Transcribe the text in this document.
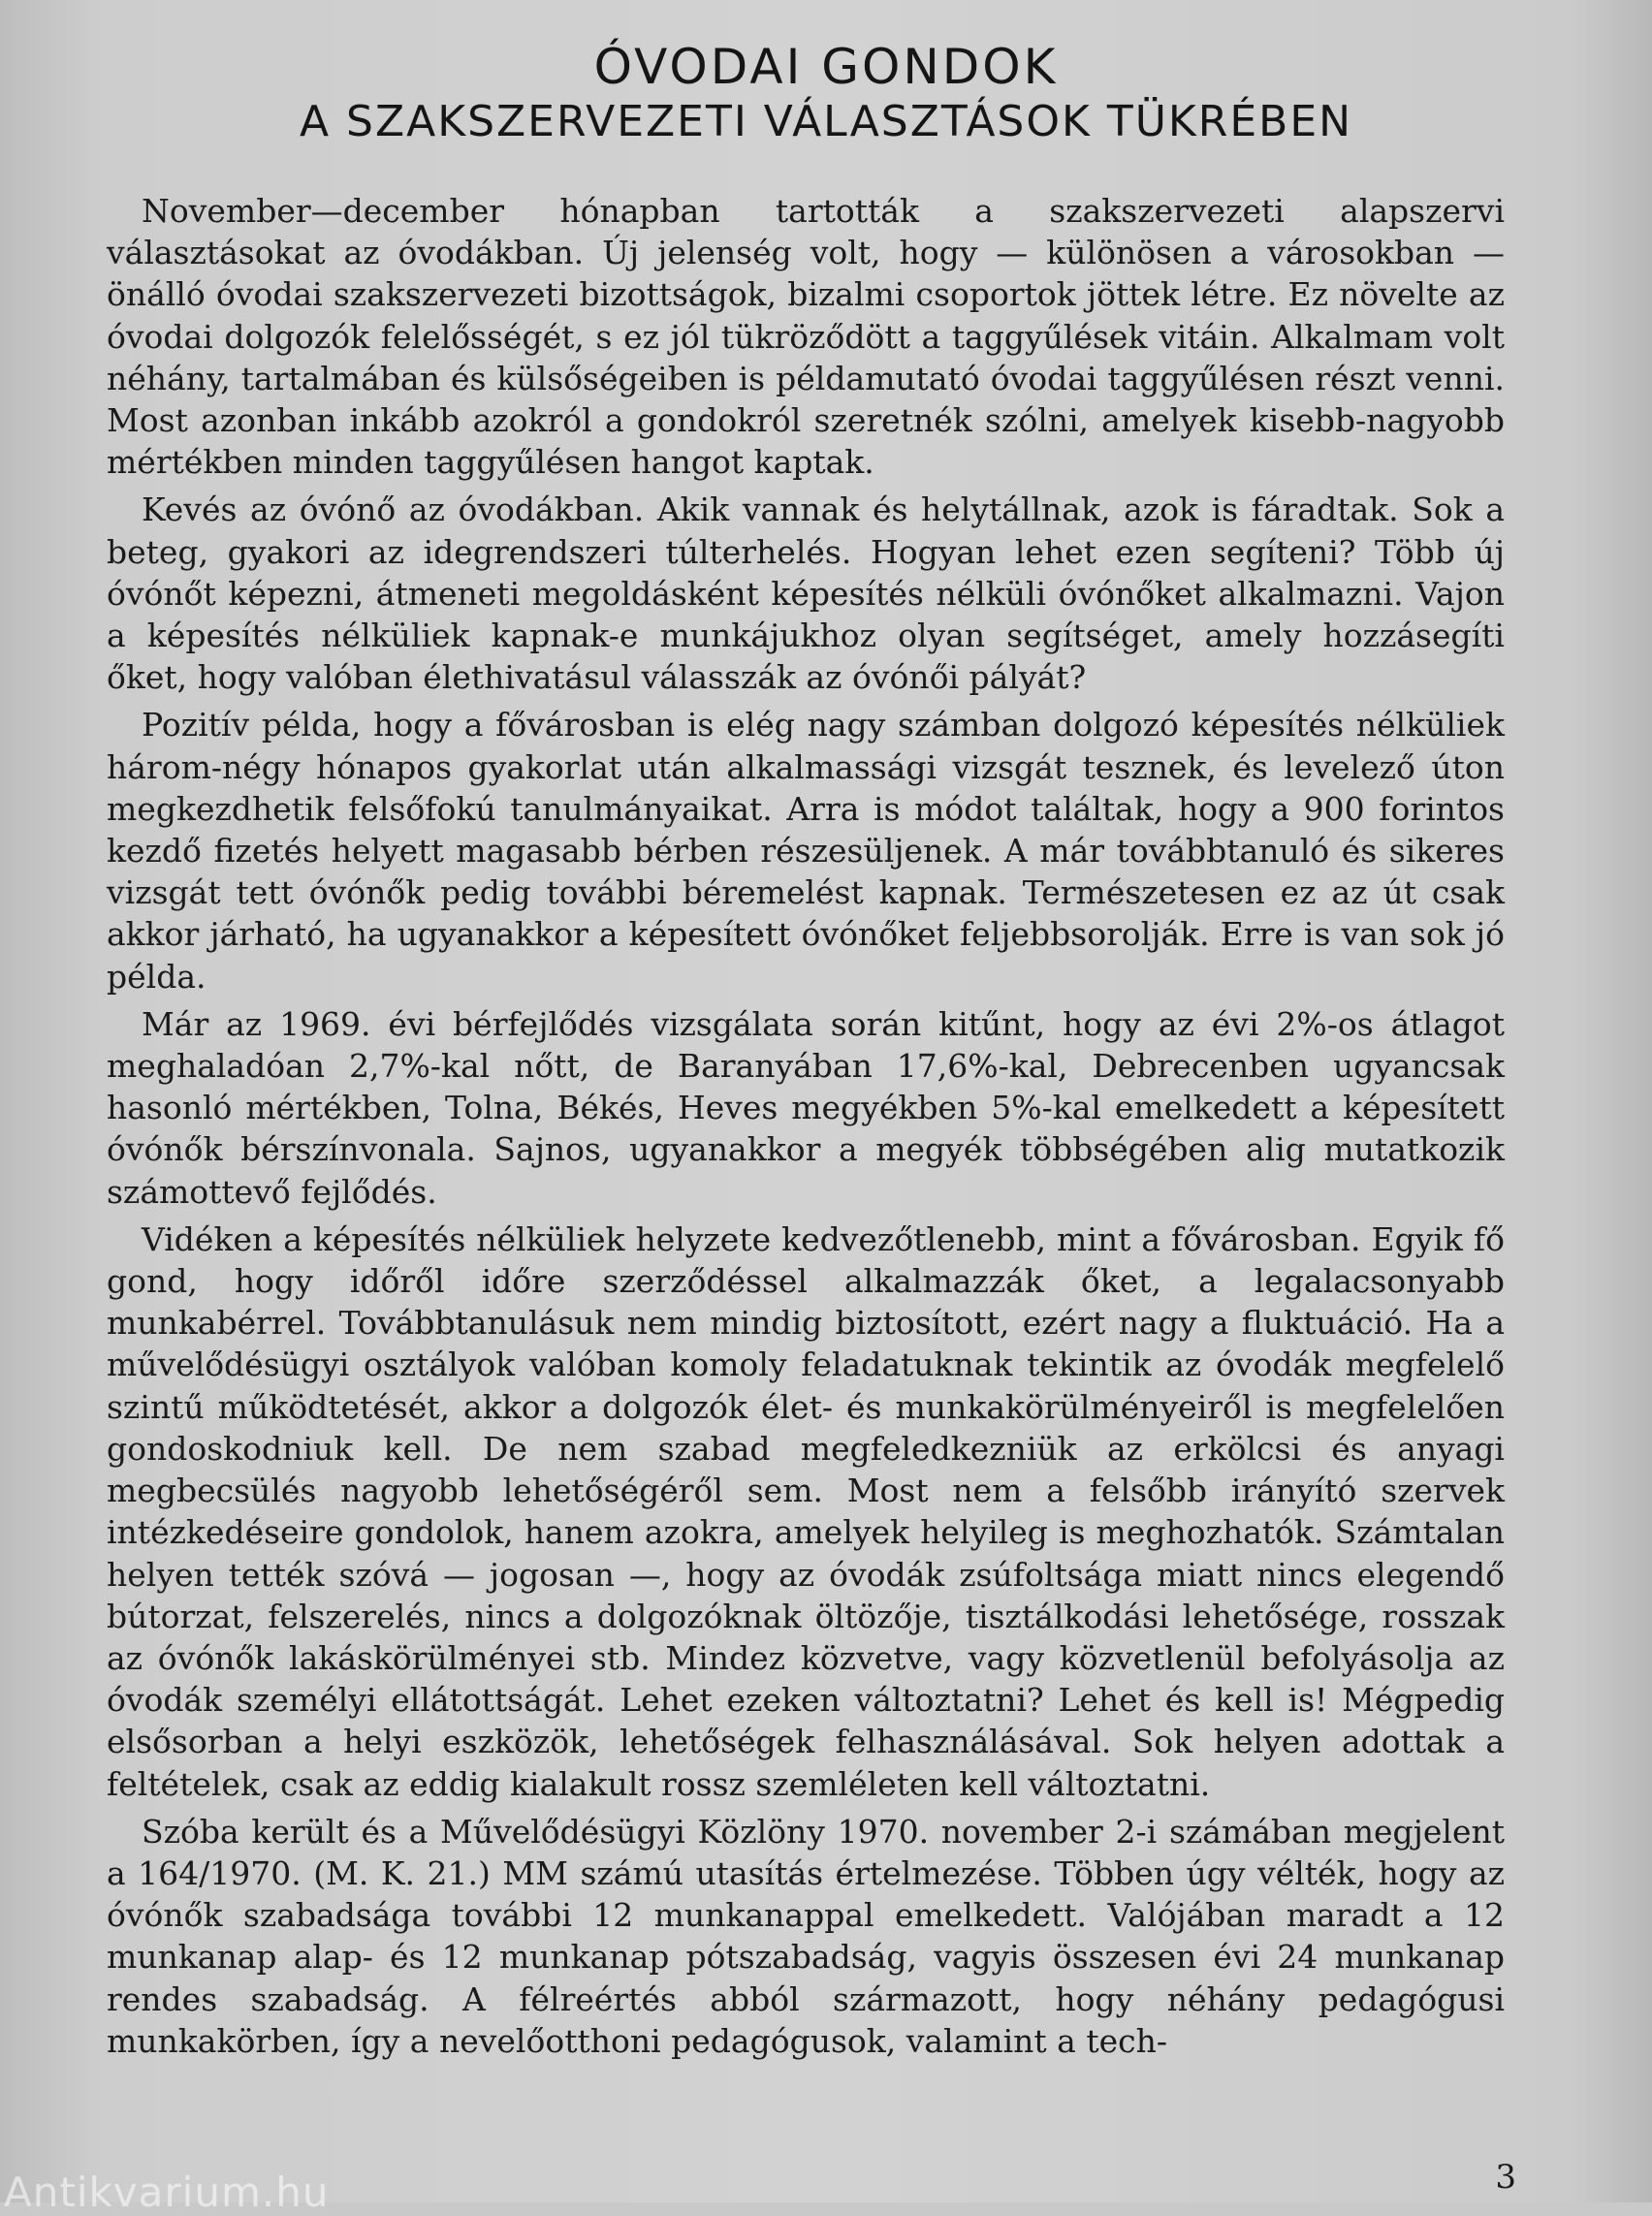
ÓVODAI GONDOK
A SZAKSZERVEZETI VÁLASZTÁSOK TÜKRÉBEN

November—december hónapban tartották a szakszervezeti alapszervi választásokat az óvodákban. Új jelenség volt, hogy — különösen a városokban — önálló óvodai szakszervezeti bizottságok, bizalmi csoportok jöttek létre. Ez növelte az óvodai dolgozók felelősségét, s ez jól tükröződött a taggyűlések vitáin. Alkalmam volt néhány, tartalmában és külsőségeiben is példamutató óvodai taggyűlésen részt venni. Most azonban inkább azokról a gondokról szeretnék szólni, amelyek kisebb-nagyobb mértékben minden taggyűlésen hangot kaptak.

Kevés az óvónő az óvodákban. Akik vannak és helytállnak, azok is fáradtak. Sok a beteg, gyakori az idegrendszeri túlterhelés. Hogyan lehet ezen segíteni? Több új óvónőt képezni, átmeneti megoldásként képesítés nélküli óvónőket alkalmazni. Vajon a képesítés nélküliek kapnak-e munkájukhoz olyan segítséget, amely hozzásegíti őket, hogy valóban élethivatásul válasszák az óvónői pályát?

Pozitív példa, hogy a fővárosban is elég nagy számban dolgozó képesítés nélküliek három-négy hónapos gyakorlat után alkalmassági vizsgát tesznek, és levelező úton megkezdhetik felsőfokú tanulmányaikat. Arra is módot találtak, hogy a 900 forintos kezdő fizetés helyett magasabb bérben részesüljenek. A már továbbtanuló és sikeres vizsgát tett óvónők pedig további béremelést kapnak. Természetesen ez az út csak akkor járható, ha ugyanakkor a képesített óvónőket feljebbsorolják. Erre is van sok jó példa.

Már az 1969. évi bérfejlődés vizsgálata során kitűnt, hogy az évi 2%-os átlagot meghaladóan 2,7%-kal nőtt, de Baranyában 17,6%-kal, Debrecenben ugyancsak hasonló mértékben, Tolna, Békés, Heves megyékben 5%-kal emelkedett a képesített óvónők bérszínvonala. Sajnos, ugyanakkor a megyék többségében alig mutatkozik számottevő fejlődés.

Vidéken a képesítés nélküliek helyzete kedvezőtlenebb, mint a fővárosban. Egyik fő gond, hogy időről időre szerződéssel alkalmazzák őket, a legalacsonyabb munkabérrel. Továbbtanulásuk nem mindig biztosított, ezért nagy a fluktuáció. Ha a művelődésügyi osztályok valóban komoly feladatuknak tekintik az óvodák megfelelő szintű működtetését, akkor a dolgozók élet- és munkakörülményeiről is megfelelően gondoskodniuk kell. De nem szabad megfeledkezniük az erkölcsi és anyagi megbecsülés nagyobb lehetőségéről sem. Most nem a felsőbb irányító szervek intézkedéseire gondolok, hanem azokra, amelyek helyileg is meghozhatók. Számtalan helyen tették szóvá — jogosan —, hogy az óvodák zsúfoltsága miatt nincs elegendő bútorzat, felszerelés, nincs a dolgozóknak öltözője, tisztálkodási lehetősége, rosszak az óvónők lakáskörülményei stb. Mindez közvetve, vagy közvetlenül befolyásolja az óvodák személyi ellátottságát. Lehet ezeken változtatni? Lehet és kell is! Mégpedig elsősorban a helyi eszközök, lehetőségek felhasználásával. Sok helyen adottak a feltételek, csak az eddig kialakult rossz szemléleten kell változtatni.

Szóba került és a Művelődésügyi Közlöny 1970. november 2-i számában megjelent a 164/1970. (M. K. 21.) MM számú utasítás értelmezése. Többen úgy vélték, hogy az óvónők szabadsága további 12 munkanappal emelkedett. Valójában maradt a 12 munkanap alap- és 12 munkanap pótszabadság, vagyis összesen évi 24 munkanap rendes szabadság. A félreértés abból származott, hogy néhány pedagógusi munkakörben, így a nevelőotthoni pedagógusok, valamint a tech-

3
Antikvarium.hu
